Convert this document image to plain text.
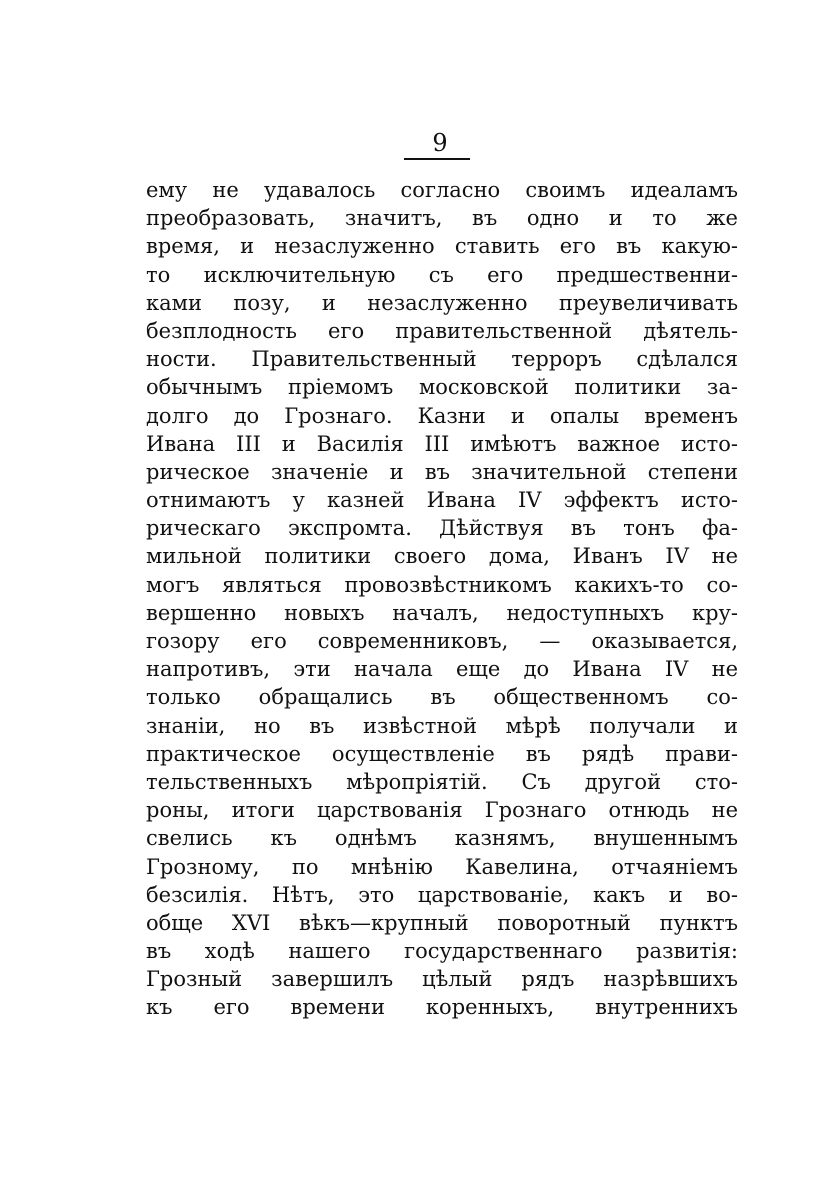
9
ему не удавалось согласно своимъ идеаламъ
преобразовать, значитъ, въ одно и то же
время, и незаслуженно ставить его въ какую-
то исключительную съ его предшественни-
ками позу, и незаслуженно преувеличивать
безплодность его правительственной дѣятель-
ности. Правительственный терроръ сдѣлался
обычнымъ пріемомъ московской политики за-
долго до Грознаго. Казни и опалы временъ
Ивана III и Василія III имѣютъ важное исто-
рическое значенiе и въ значительной степени
отнимаютъ у казней Ивана IV эффектъ исто-
рическаго экспромта. Дѣйствуя въ тонъ фа-
мильной политики своего дома, Иванъ IV не
могъ являться провозвѣстникомъ какихъ-то со-
вершенно новыхъ началъ, недоступныхъ кру-
гозору его современниковъ, — оказывается,
напротивъ, эти начала еще до Ивана IV не
только обращались въ общественномъ со-
знаніи, но въ извѣстной мѣрѣ получали и
практическое осуществленіе въ рядѣ прави-
тельственныхъ мѣропріятій. Съ другой сто-
роны, итоги царствованія Грознаго отнюдь не
свелись къ однѣмъ казнямъ, внушеннымъ
Грозному, по мнѣнію Кавелина, отчаяніемъ
безсилія. Нѣтъ, это царствованіе, какъ и во-
обще XVI вѣкъ—крупный поворотный пунктъ
въ ходѣ нашего государственнаго развитія:
Грозный завершилъ цѣлый рядъ назрѣвшихъ
къ его времени коренныхъ, внутреннихъ
